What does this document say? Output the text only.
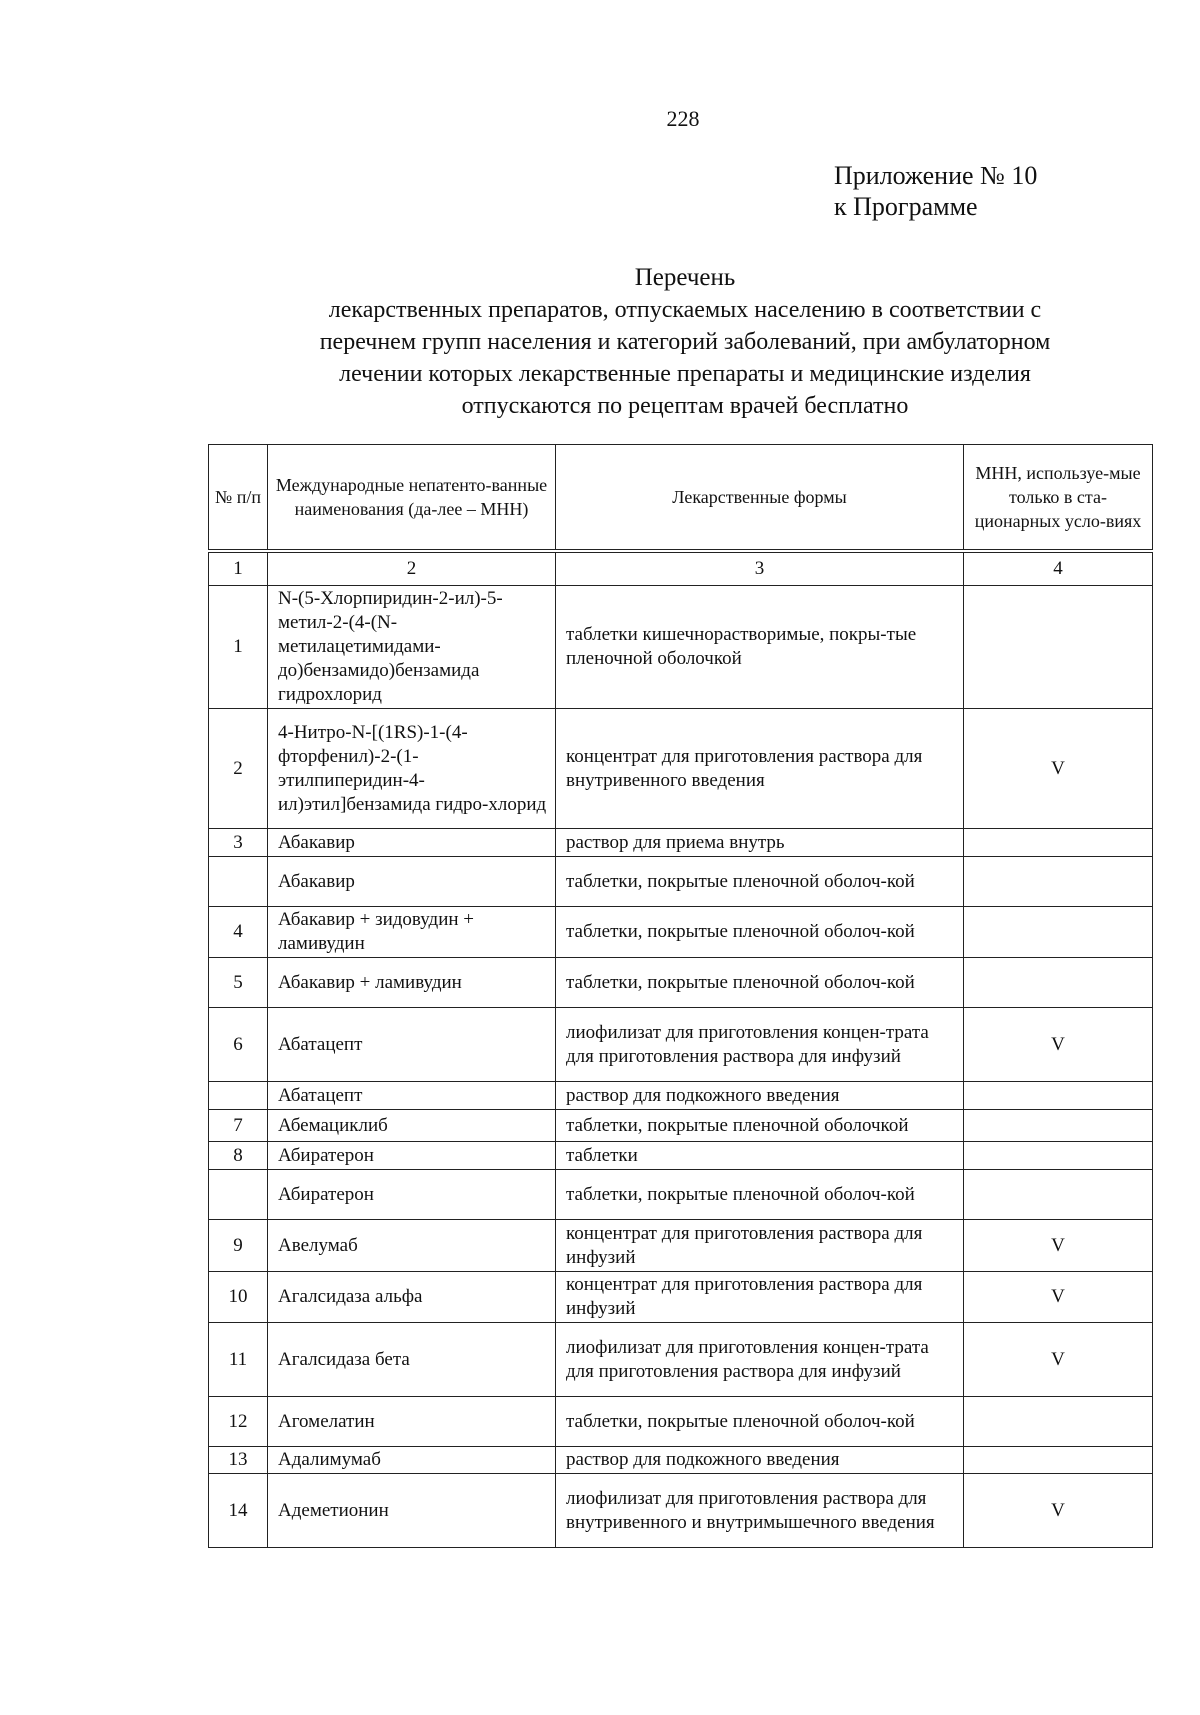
228
Приложение № 10
к Программе
Перечень
лекарственных препаратов, отпускаемых населению в соответствии с
перечнем групп населения и категорий заболеваний, при амбулаторном
лечении которых лекарственные препараты и медицинские изделия
отпускаются по рецептам врачей бесплатно
№ п/п	Международные непатенто-ванные наименования (да-лее – МНН)	Лекарственные формы	МНН, используе-мые только в ста-ционарных усло-виях
1	2	3	4
1	N-(5-Хлорпиридин-2-ил)-5-метил-2-(4-(N-метилацетимидами-до)бензамидо)бензамида гидрохлорид	таблетки кишечнорастворимые, покры-тые пленочной оболочкой	
2	4-Нитро-N-[(1RS)-1-(4-фторфенил)-2-(1-этилпиперидин-4-ил)этил]бензамида гидро-хлорид	концентрат для приготовления раствора для внутривенного введения	V
3	Абакавир	раствор для приема внутрь	
	Абакавир	таблетки, покрытые пленочной оболоч-кой	
4	Абакавир + зидовудин + ламивудин	таблетки, покрытые пленочной оболоч-кой	
5	Абакавир + ламивудин	таблетки, покрытые пленочной оболоч-кой	
6	Абатацепт	лиофилизат для приготовления концен-трата для приготовления раствора для инфузий	V
	Абатацепт	раствор для подкожного введения	
7	Абемациклиб	таблетки, покрытые пленочной оболочкой	
8	Абиратерон	таблетки	
	Абиратерон	таблетки, покрытые пленочной оболоч-кой	
9	Авелумаб	концентрат для приготовления раствора для инфузий	V
10	Агалсидаза альфа	концентрат для приготовления раствора для инфузий	V
11	Агалсидаза бета	лиофилизат для приготовления концен-трата для приготовления раствора для инфузий	V
12	Агомелатин	таблетки, покрытые пленочной оболоч-кой	
13	Адалимумаб	раствор для подкожного введения	
14	Адеметионин	лиофилизат для приготовления раствора для внутривенного и внутримышечного введения	V
